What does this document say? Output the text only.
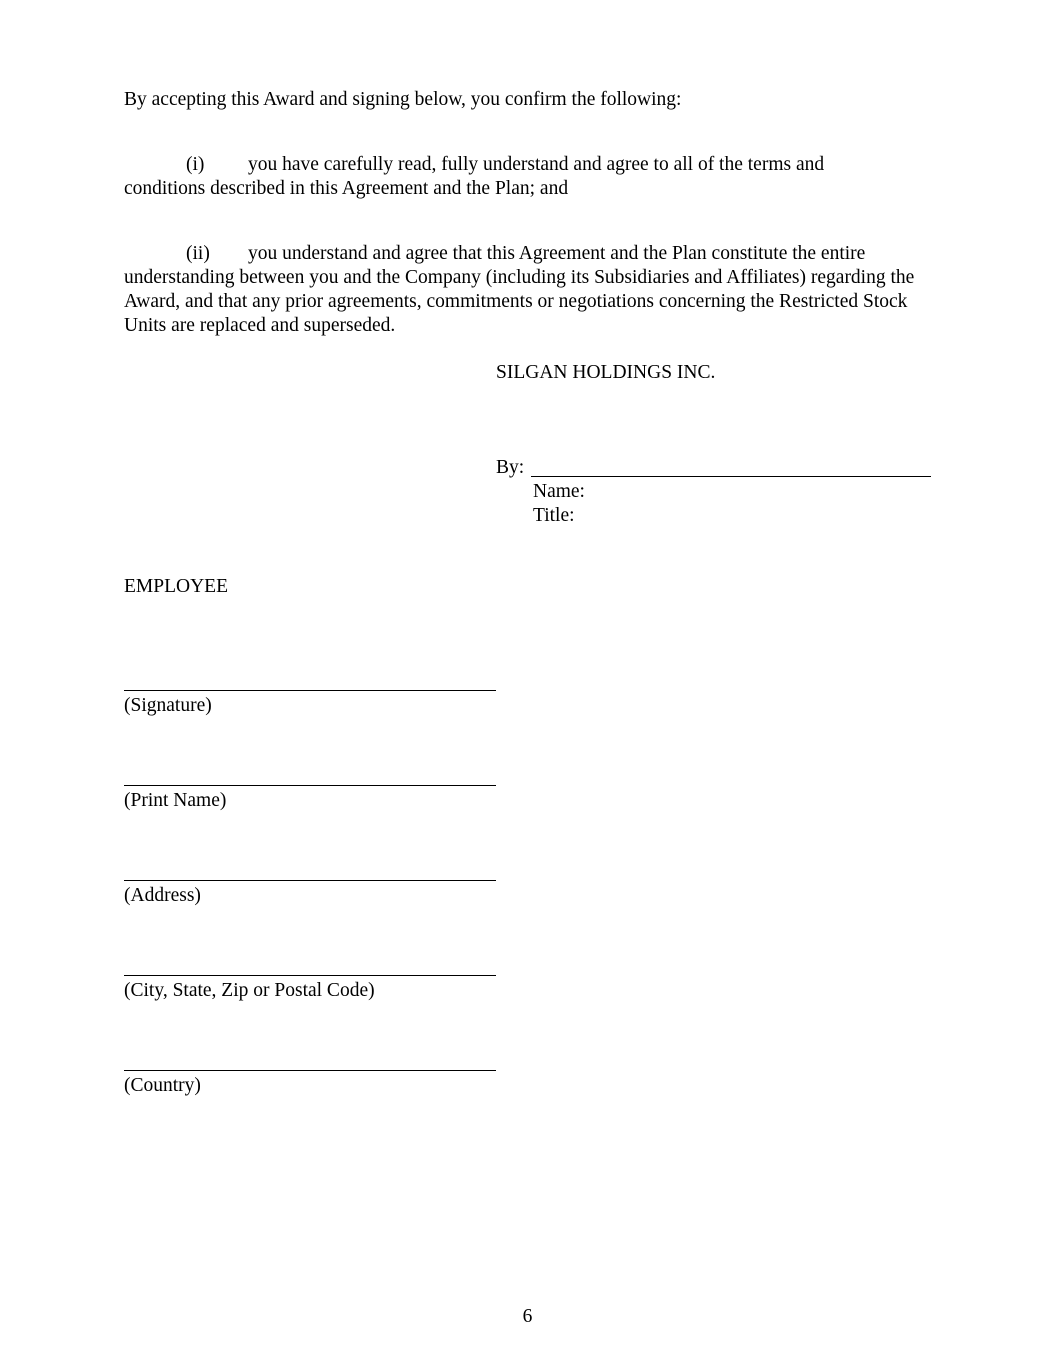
By accepting this Award and signing below, you confirm the following:
(i) you have carefully read, fully understand and agree to all of the terms and
conditions described in this Agreement and the Plan; and
(ii) you understand and agree that this Agreement and the Plan constitute the entire
understanding between you and the Company (including its Subsidiaries and Affiliates) regarding the Award, and that any prior agreements, commitments or negotiations concerning the Restricted Stock Units are replaced and superseded.
SILGAN HOLDINGS INC.
By:
Name:
Title:
EMPLOYEE
(Signature)
(Print Name)
(Address)
(City, State, Zip or Postal Code)
(Country)
6
